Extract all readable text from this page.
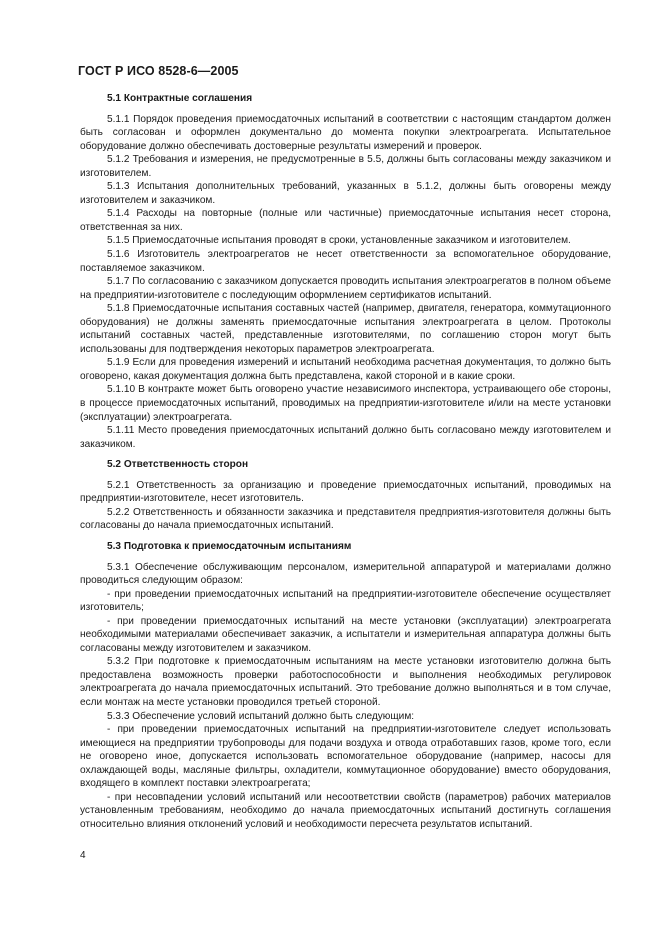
ГОСТ Р ИСО 8528-6—2005
5.1 Контрактные соглашения

5.1.1 Порядок проведения приемосдаточных испытаний в соответствии с настоящим стандартом должен быть согласован и оформлен документально до момента покупки электроагрегата. Испытательное оборудование должно обеспечивать достоверные результаты измерений и проверок.

5.1.2 Требования и измерения, не предусмотренные в 5.5, должны быть согласованы между заказчиком и изготовителем.

5.1.3 Испытания дополнительных требований, указанных в 5.1.2, должны быть оговорены между изготовителем и заказчиком.

5.1.4 Расходы на повторные (полные или частичные) приемосдаточные испытания несет сторона, ответственная за них.

5.1.5 Приемосдаточные испытания проводят в сроки, установленные заказчиком и изготовителем.

5.1.6 Изготовитель электроагрегатов не несет ответственности за вспомогательное оборудование, поставляемое заказчиком.

5.1.7 По согласованию с заказчиком допускается проводить испытания электроагрегатов в полном объеме на предприятии-изготовителе с последующим оформлением сертификатов испытаний.

5.1.8 Приемосдаточные испытания составных частей (например, двигателя, генератора, коммутационного оборудования) не должны заменять приемосдаточные испытания электроагрегата в целом. Протоколы испытаний составных частей, представленные изготовителями, по соглашению сторон могут быть использованы для подтверждения некоторых параметров электроагрегата.

5.1.9 Если для проведения измерений и испытаний необходима расчетная документация, то должно быть оговорено, какая документация должна быть представлена, какой стороной и в какие сроки.

5.1.10 В контракте может быть оговорено участие независимого инспектора, устраивающего обе стороны, в процессе приемосдаточных испытаний, проводимых на предприятии-изготовителе и/или на месте установки (эксплуатации) электроагрегата.

5.1.11 Место проведения приемосдаточных испытаний должно быть согласовано между изготовителем и заказчиком.

5.2 Ответственность сторон

5.2.1 Ответственность за организацию и проведение приемосдаточных испытаний, проводимых на предприятии-изготовителе, несет изготовитель.

5.2.2 Ответственность и обязанности заказчика и представителя предприятия-изготовителя должны быть согласованы до начала приемосдаточных испытаний.

5.3 Подготовка к приемосдаточным испытаниям

5.3.1 Обеспечение обслуживающим персоналом, измерительной аппаратурой и материалами должно проводиться следующим образом:

- при проведении приемосдаточных испытаний на предприятии-изготовителе обеспечение осуществляет изготовитель;

- при проведении приемосдаточных испытаний на месте установки (эксплуатации) электроагрегата необходимыми материалами обеспечивает заказчик, а испытатели и измерительная аппаратура должны быть согласованы между изготовителем и заказчиком.

5.3.2 При подготовке к приемосдаточным испытаниям на месте установки изготовителю должна быть предоставлена возможность проверки работоспособности и выполнения необходимых регулировок электроагрегата до начала приемосдаточных испытаний. Это требование должно выполняться и в том случае, если монтаж на месте установки проводился третьей стороной.

5.3.3 Обеспечение условий испытаний должно быть следующим:

- при проведении приемосдаточных испытаний на предприятии-изготовителе следует использовать имеющиеся на предприятии трубопроводы для подачи воздуха и отвода отработавших газов, кроме того, если не оговорено иное, допускается использовать вспомогательное оборудование (например, насосы для охлаждающей воды, масляные фильтры, охладители, коммутационное оборудование) вместо оборудования, входящего в комплект поставки электроагрегата;

- при несовпадении условий испытаний или несоответствии свойств (параметров) рабочих материалов установленным требованиям, необходимо до начала приемосдаточных испытаний достигнуть соглашения относительно влияния отклонений условий и необходимости пересчета результатов испытаний.

4
